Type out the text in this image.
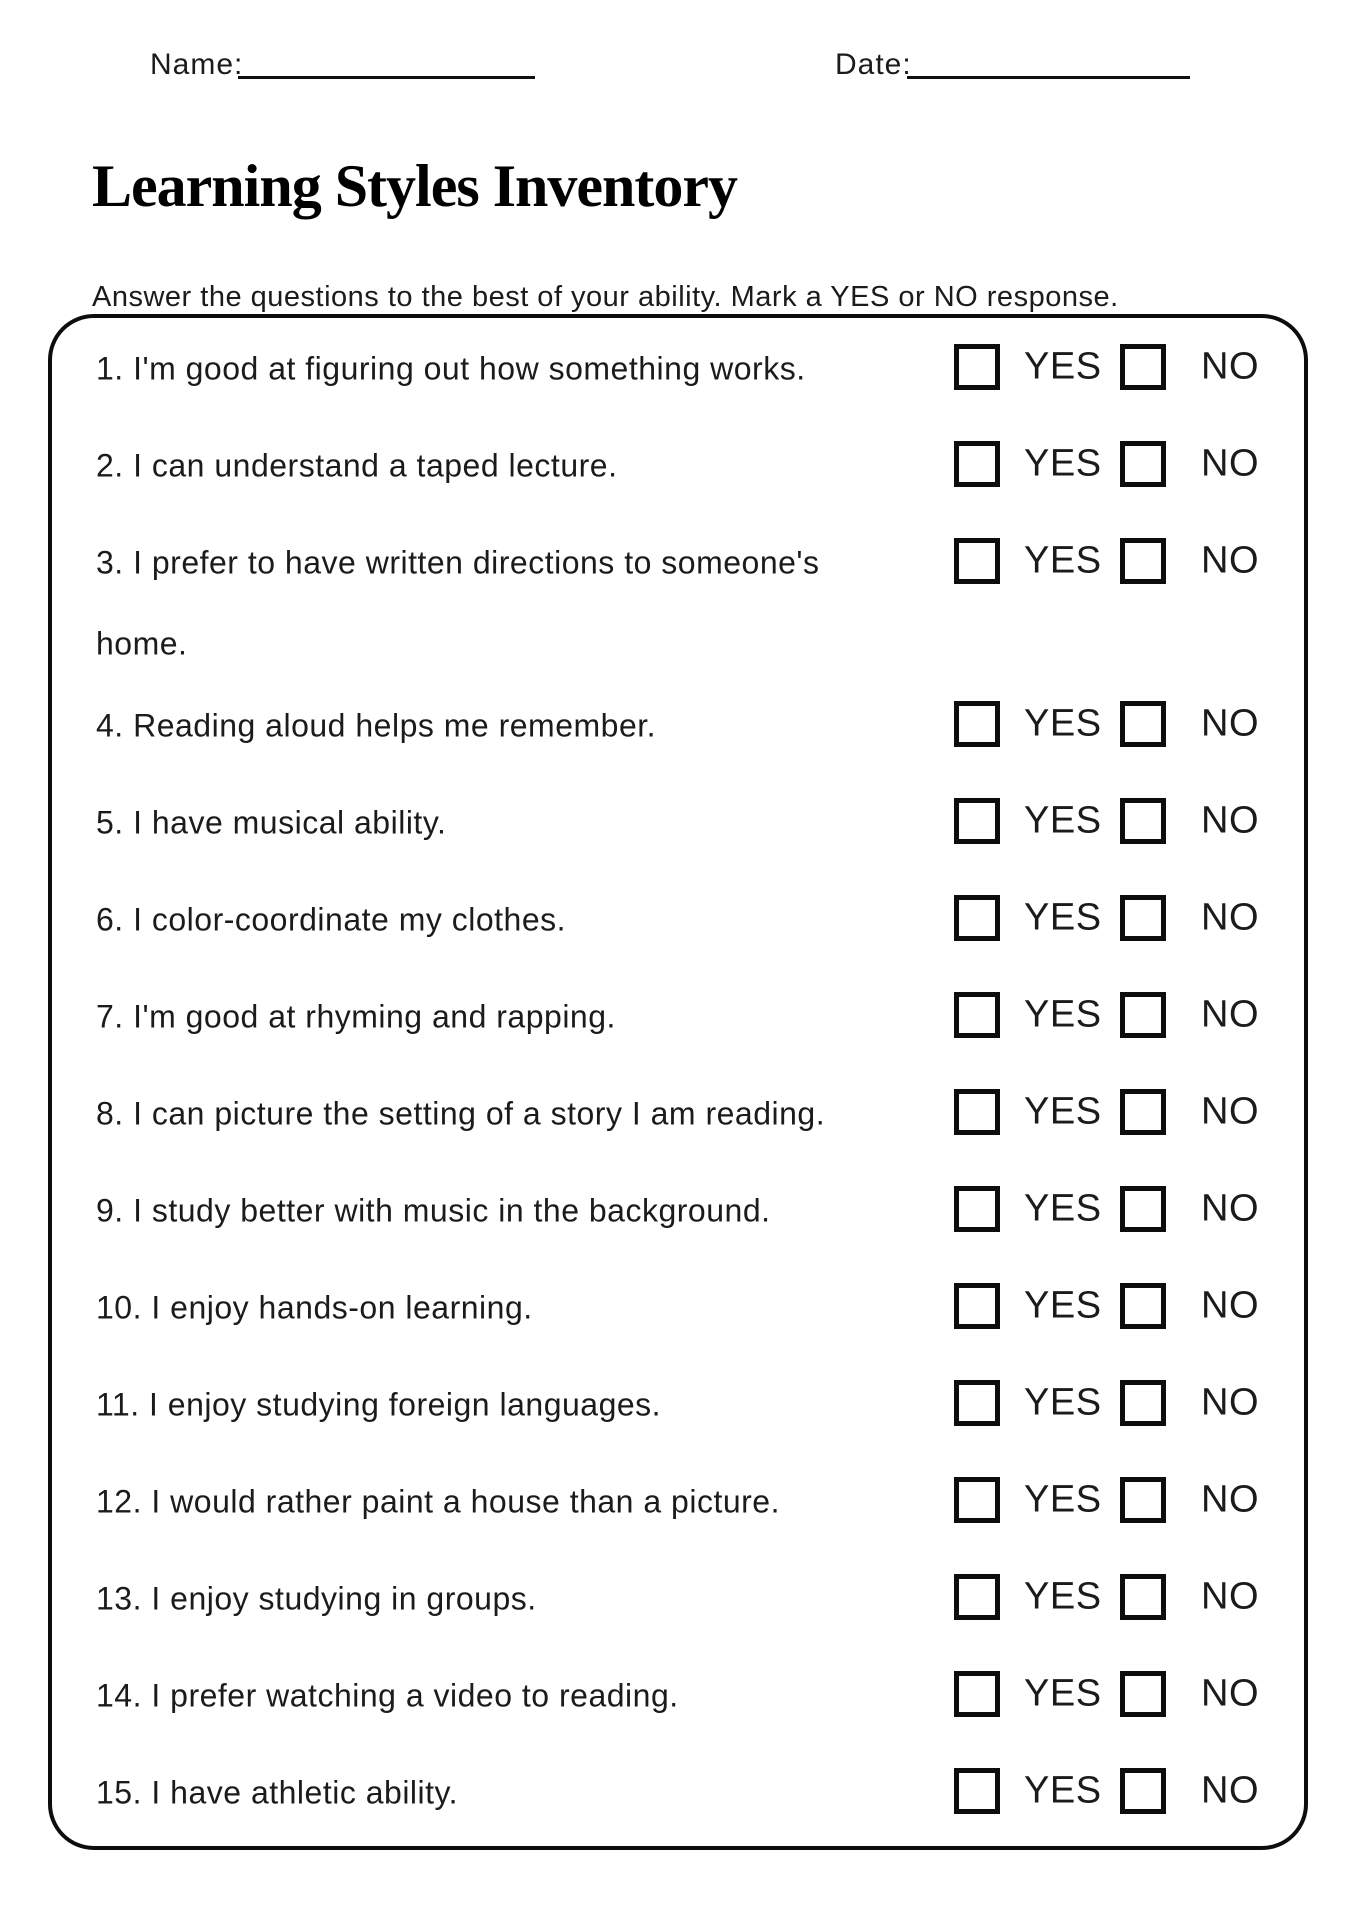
Name:	Date:
Learning Styles Inventory

Answer the questions to the best of your ability. Mark a YES or NO response.

1. I'm good at figuring out how something works.	YES	NO
2. I can understand a taped lecture.	YES	NO
3. I prefer to have written directions to someone's	YES	NO
home.
4. Reading aloud helps me remember.	YES	NO
5. I have musical ability.	YES	NO
6. I color-coordinate my clothes.	YES	NO
7. I'm good at rhyming and rapping.	YES	NO
8. I can picture the setting of a story I am reading.	YES	NO
9. I study better with music in the background.	YES	NO
10. I enjoy hands-on learning.	YES	NO
11. I enjoy studying foreign languages.	YES	NO
12. I would rather paint a house than a picture.	YES	NO
13. I enjoy studying in groups.	YES	NO
14. I prefer watching a video to reading.	YES	NO
15. I have athletic ability.	YES	NO
